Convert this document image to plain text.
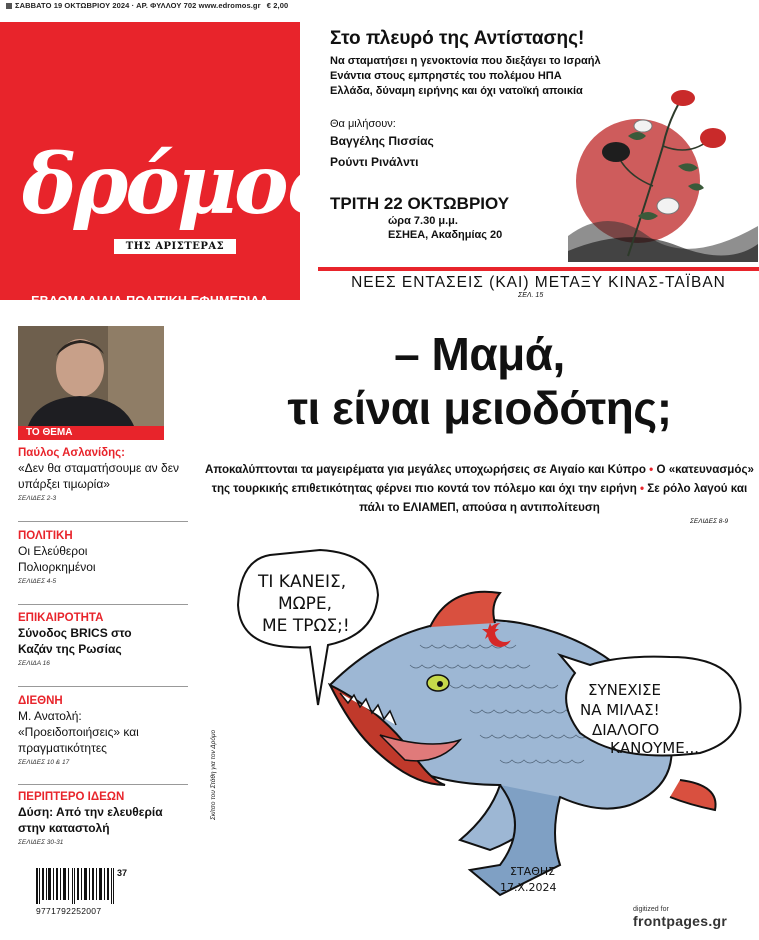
ΣΑΒΒΑΤΟ 19 ΟΚΤΩΒΡΙΟΥ 2024 · ΑΡ. ΦΥΛΛΟΥ 702 www.edromos.gr € 2,00
δρόμος
ΤΗΣ ΑΡΙΣΤΕΡΑΣ
ΕΒΔΟΜΑΔΙΑΙΑ ΠΟΛΙΤΙΚΗ ΕΦΗΜΕΡΙΔΑ
Στο πλευρό της Αντίστασης!
Να σταματήσει η γενοκτονία που διεξάγει το Ισραήλ
Ενάντια στους εμπρηστές του πολέμου ΗΠΑ
Ελλάδα, δύναμη ειρήνης και όχι νατοϊκή αποικία
Θα μιλήσουν:
Βαγγέλης Πισσίας
Ρούντι Ρινάλντι
ΤΡΙΤΗ 22 ΟΚΤΩΒΡΙΟΥ
ώρα 7.30 μ.μ.
ΕΣΗΕΑ, Ακαδημίας 20
ΝΕΕΣ ΕΝΤΑΣΕΙΣ (ΚΑΙ) ΜΕΤΑΞΥ ΚΙΝΑΣ-ΤΑΪΒΑΝ
ΣΕΛ. 15
ΤΟ ΘΕΜΑ
Παύλος Ασλανίδης:
«Δεν θα σταματήσουμε αν δεν υπάρξει τιμωρία»
ΣΕΛΙΔΕΣ 2-3
ΠΟΛΙΤΙΚΗ
Οι Ελεύθεροι Πολιορκημένοι
ΣΕΛΙΔΕΣ 4-5
ΕΠΙΚΑΙΡΟΤΗΤΑ
Σύνοδος BRICS στο Καζάν της Ρωσίας
ΣΕΛΙΔΑ 16
ΔΙΕΘΝΗ
Μ. Ανατολή: «Προειδοποιήσεις» και πραγματικότητες
ΣΕΛΙΔΕΣ 10 & 17
ΠΕΡΙΠΤΕΡΟ ΙΔΕΩΝ
Δύση: Από την ελευθερία στην καταστολή
ΣΕΛΙΔΕΣ 30-31
9771792252007
37
– Μαμά,
τι είναι μειοδότης;
Αποκαλύπτονται τα μαγειρέματα για μεγάλες υποχωρήσεις σε Αιγαίο και Κύπρο • Ο «κατευνασμός» της τουρκικής επιθετικότητας φέρνει πιο κοντά τον πόλεμο και όχι την ειρήνη • Σε ρόλο λαγού και πάλι το ΕΛΙΑΜΕΠ, απούσα η αντιπολίτευση
ΣΕΛΙΔΕΣ 8-9
ΤΙ ΚΑΝΕΙΣ,
ΜΩΡΕ,
ΜΕ ΤΡΩΣ;!
ΣΥΝΕΧΙΣΕ
ΝΑ ΜΙΛΑΣ!
ΔΙΑΛΟΓΟ
ΚΑΝΟΥΜΕ...
ΣΤΑΘΗΣ
17.Χ.2024
Σκίτσο του Στάθη για τον Δρόμο
digitized for
frontpages.gr
